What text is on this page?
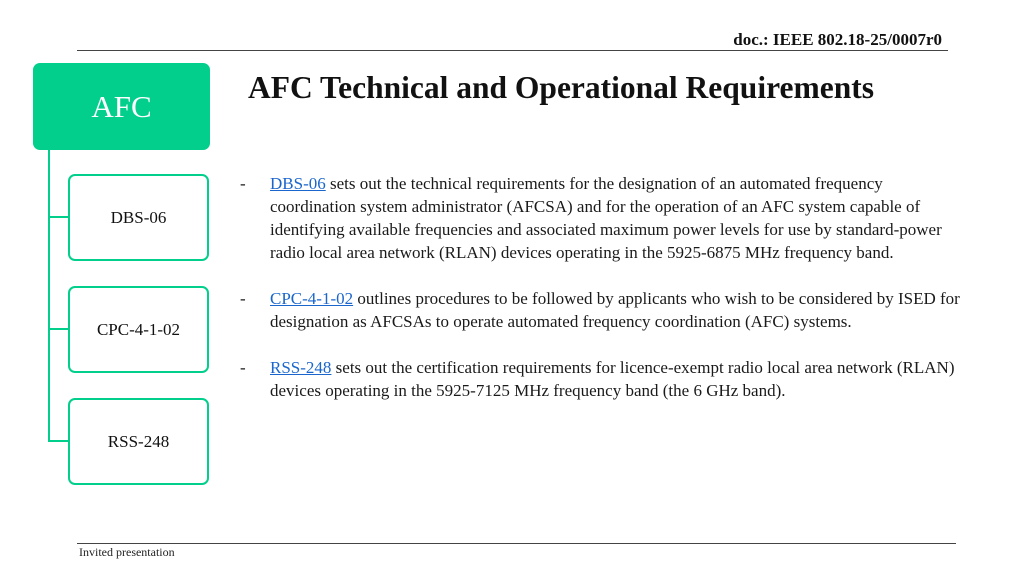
doc.: IEEE 802.18-25/0007r0
AFC Technical and Operational Requirements
AFC
DBS-06
CPC-4-1-02
RSS-248
- DBS-06 sets out the technical requirements for the designation of an automated frequency coordination system administrator (AFCSA) and for the operation of an AFC system capable of identifying available frequencies and associated maximum power levels for use by standard-power radio local area network (RLAN) devices operating in the 5925-6875 MHz frequency band.
- CPC-4-1-02 outlines procedures to be followed by applicants who wish to be considered by ISED for designation as AFCSAs to operate automated frequency coordination (AFC) systems.
- RSS-248 sets out the certification requirements for licence-exempt radio local area network (RLAN) devices operating in the 5925-7125 MHz frequency band (the 6 GHz band).
Invited presentation
